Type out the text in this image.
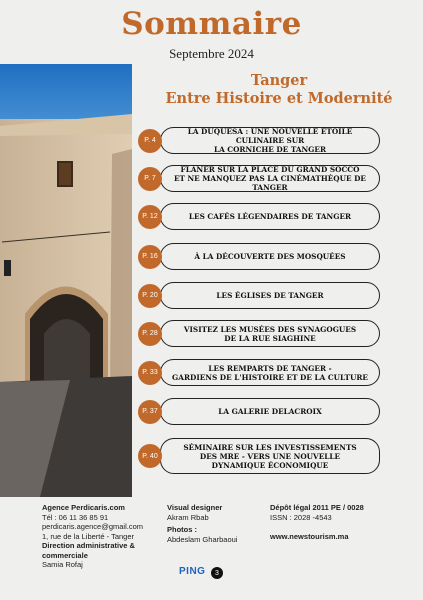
Sommaire
Septembre 2024
Tanger
Entre Histoire et Modernité
LA DUQUESA : UNE NOUVELLE ÉTOILE CULINAIRE SUR
LA CORNICHE DE TANGER
P. 4
FLÂNER SUR LA PLACE DU GRAND SOCCO
ET NE MANQUEZ PAS LA CINÉMATHÈQUE DE TANGER
P. 7
LES CAFÉS LÉGENDAIRES DE TANGER
P. 12
À LA DÉCOUVERTE DES MOSQUÉES
P. 16
LES ÉGLISES DE TANGER
P. 20
VISITEZ LES MUSÉES DES SYNAGOGUES
DE LA RUE SIAGHINE
P. 28
LES REMPARTS DE TANGER -
GARDIENS DE L'HISTOIRE ET DE LA CULTURE
P. 33
LA GALERIE DELACROIX
P. 37
SÉMINAIRE SUR LES INVESTISSEMENTS
DES MRE - VERS UNE NOUVELLE
DYNAMIQUE ÉCONOMIQUE
P. 40
Agence Perdicaris.com
Tél : 06 11 36 85 91
perdicaris.agence@gmail.com
1, rue de la Liberté - Tanger
Direction administrative & commerciale
Samia Rofaj
Visual designer
Akram Rbab
Photos :
Abdeslam Gharbaoui
Dépôt légal 2011 PE / 0028
ISSN : 2028 -4543
www.newstourism.ma
PING	3
